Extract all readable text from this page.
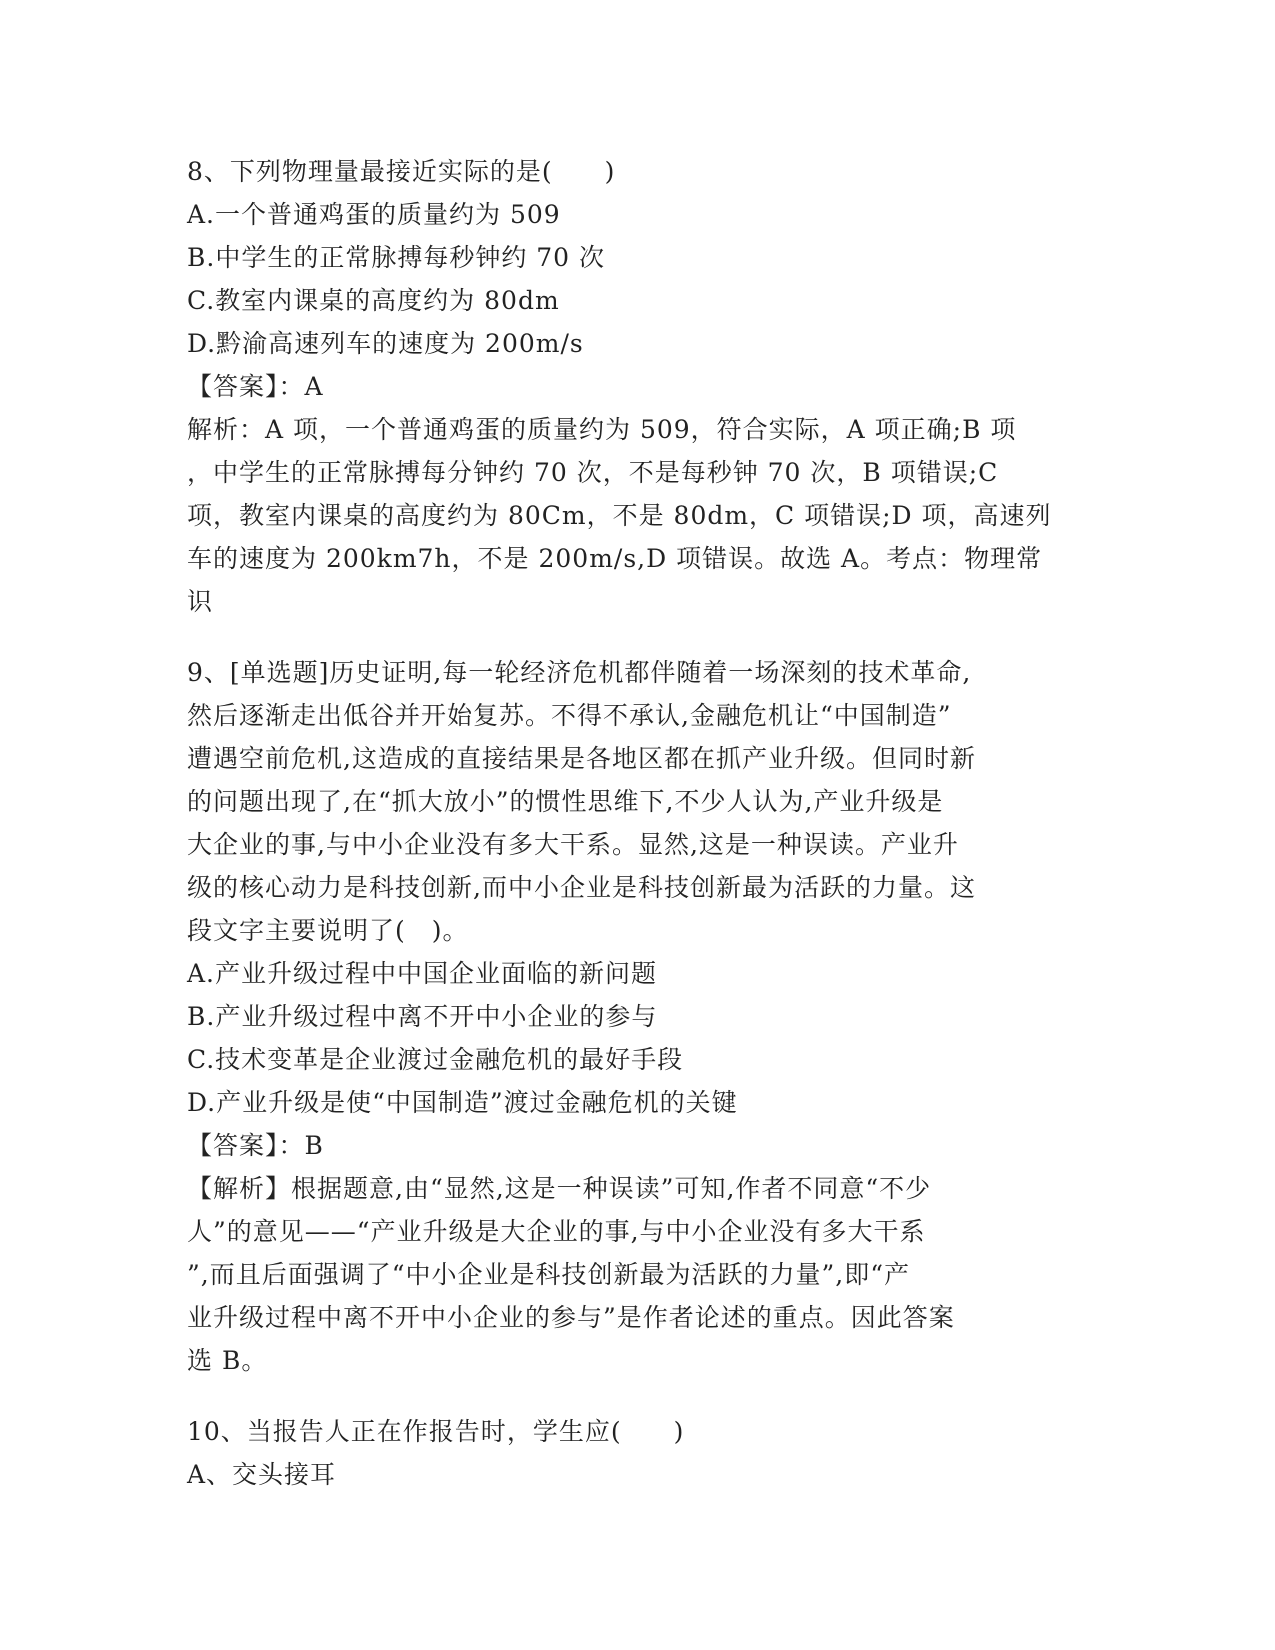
8、下列物理量最接近实际的是(　　)
A.一个普通鸡蛋的质量约为 509
B.中学生的正常脉搏每秒钟约 70 次
C.教室内课桌的高度约为 80dm
D.黔渝高速列车的速度为 200m/s
【答案】：A
解析：A 项，一个普通鸡蛋的质量约为 509，符合实际，A 项正确;B 项
，中学生的正常脉搏每分钟约 70 次，不是每秒钟 70 次，B 项错误;C
项，教室内课桌的高度约为 80Cm，不是 80dm，C 项错误;D 项，高速列
车的速度为 200km7h，不是 200m/s,D 项错误。故选 A。考点：物理常
识
9、[单选题]历史证明,每一轮经济危机都伴随着一场深刻的技术革命,
然后逐渐走出低谷并开始复苏。不得不承认,金融危机让“中国制造”
遭遇空前危机,这造成的直接结果是各地区都在抓产业升级。但同时新
的问题出现了,在“抓大放小”的惯性思维下,不少人认为,产业升级是
大企业的事,与中小企业没有多大干系。显然,这是一种误读。产业升
级的核心动力是科技创新,而中小企业是科技创新最为活跃的力量。这
段文字主要说明了(　)。
A.产业升级过程中中国企业面临的新问题
B.产业升级过程中离不开中小企业的参与
C.技术变革是企业渡过金融危机的最好手段
D.产业升级是使“中国制造”渡过金融危机的关键
【答案】：B
【解析】根据题意,由“显然,这是一种误读”可知,作者不同意“不少
人”的意见——“产业升级是大企业的事,与中小企业没有多大干系
”,而且后面强调了“中小企业是科技创新最为活跃的力量”,即“产
业升级过程中离不开中小企业的参与”是作者论述的重点。因此答案
选 B。
10、当报告人正在作报告时，学生应(　　)
A、交头接耳
